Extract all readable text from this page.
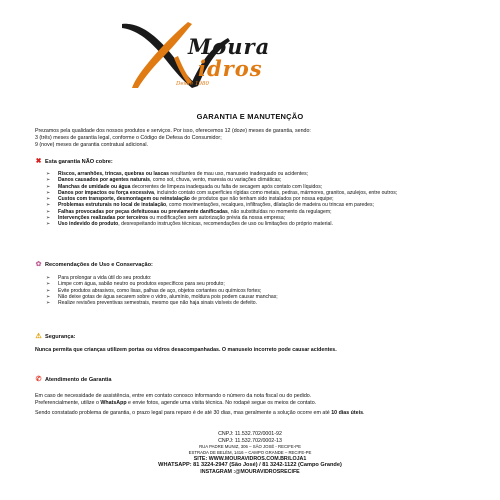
Moura
idros
Desde 1980
GARANTIA E MANUTENÇÃO

Prezamos pela qualidade dos nossos produtos e serviços. Por isso, oferecemos 12 (doze) meses de garantia, sendo:

3 (três) meses de garantia legal, conforme o Código de Defesa do Consumidor;

9 (nove) meses de garantia contratual adicional.

✖ Esta garantia NÃO cobre:
➢ Riscos, arranhões, trincas, quebras ou lascas resultantes de mau uso, manuseio inadequado ou acidentes;
➢ Danos causados por agentes naturais, como sol, chuva, vento, maresia ou variações climáticas;
➢ Manchas de umidade ou água decorrentes de limpeza inadequada ou falta de secagem após contato com líquidos;
➢ Danos por impactos ou força excessiva, incluindo contato com superfícies rígidas como metais, pedras, mármores, granitos, azulejos, entre outros;
➢ Custos com transporte, desmontagem ou reinstalação de produtos que não tenham sido instalados por nossa equipe;
➢ Problemas estruturais no local de instalação, como movimentações, recalques, infiltrações, dilatação de madeira ou trincas em paredes;
➢ Falhas provocadas por peças defeituosas ou previamente danificadas, não substituídas no momento da regulagem;
➢ Intervenções realizadas por terceiros ou modificações sem autorização prévia da nossa empresa;
➢ Uso indevido do produto, desrespeitando instruções técnicas, recomendações de uso ou limitações do próprio material.
✿ Recomendações de Uso e Conservação:
➢ Para prolongar a vida útil do seu produto:
➢ Limpe com água, sabão neutro ou produtos específicos para seu produto;
➢ Evite produtos abrasivos, como lixas, palhas de aço, objetos cortantes ou químicos fortes;
➢ Não deixe gotas de água secarem sobre o vidro, alumínio, moldura pois podem causar manchas;
➢ Realize revisões preventivas semestrais, mesmo que não haja sinais visíveis de defeito.
⚠ Segurança:
Nunca permita que crianças utilizem portas ou vidros desacompanhadas. O manuseio incorreto pode causar acidentes.
✆ Atendimento de Garantia

Em caso de necessidade de assistência, entre em contato conosco informando o número da nota fiscal ou do pedido.

Preferencialmente, utilize o WhatsApp e envie fotos, agende uma visita técnica. No rodapé segue os meios de contato.

Sendo constatado problema de garantia, o prazo legal para reparo é de até 30 dias, mas geralmente a solução ocorre em até 10 dias úteis.

CNPJ: 11.532.702/0001-92
CNPJ: 11.532.702/0002-13
RUA PADRE MUNIZ, 306 – SÃO JOSÉ - RECIFE-PE
ESTRADA DE BELÉM, 1416 – CAMPO GRANDE – RECIFE-PE
SITE: WWW.MOURAVIDROS.COM.BR/LOJA1
WHATSAPP: 81 3224-2947 (São José) / 81 3242-1122 (Campo Grande)
INSTAGRAM :@MOURAVIDROSRECIFE
